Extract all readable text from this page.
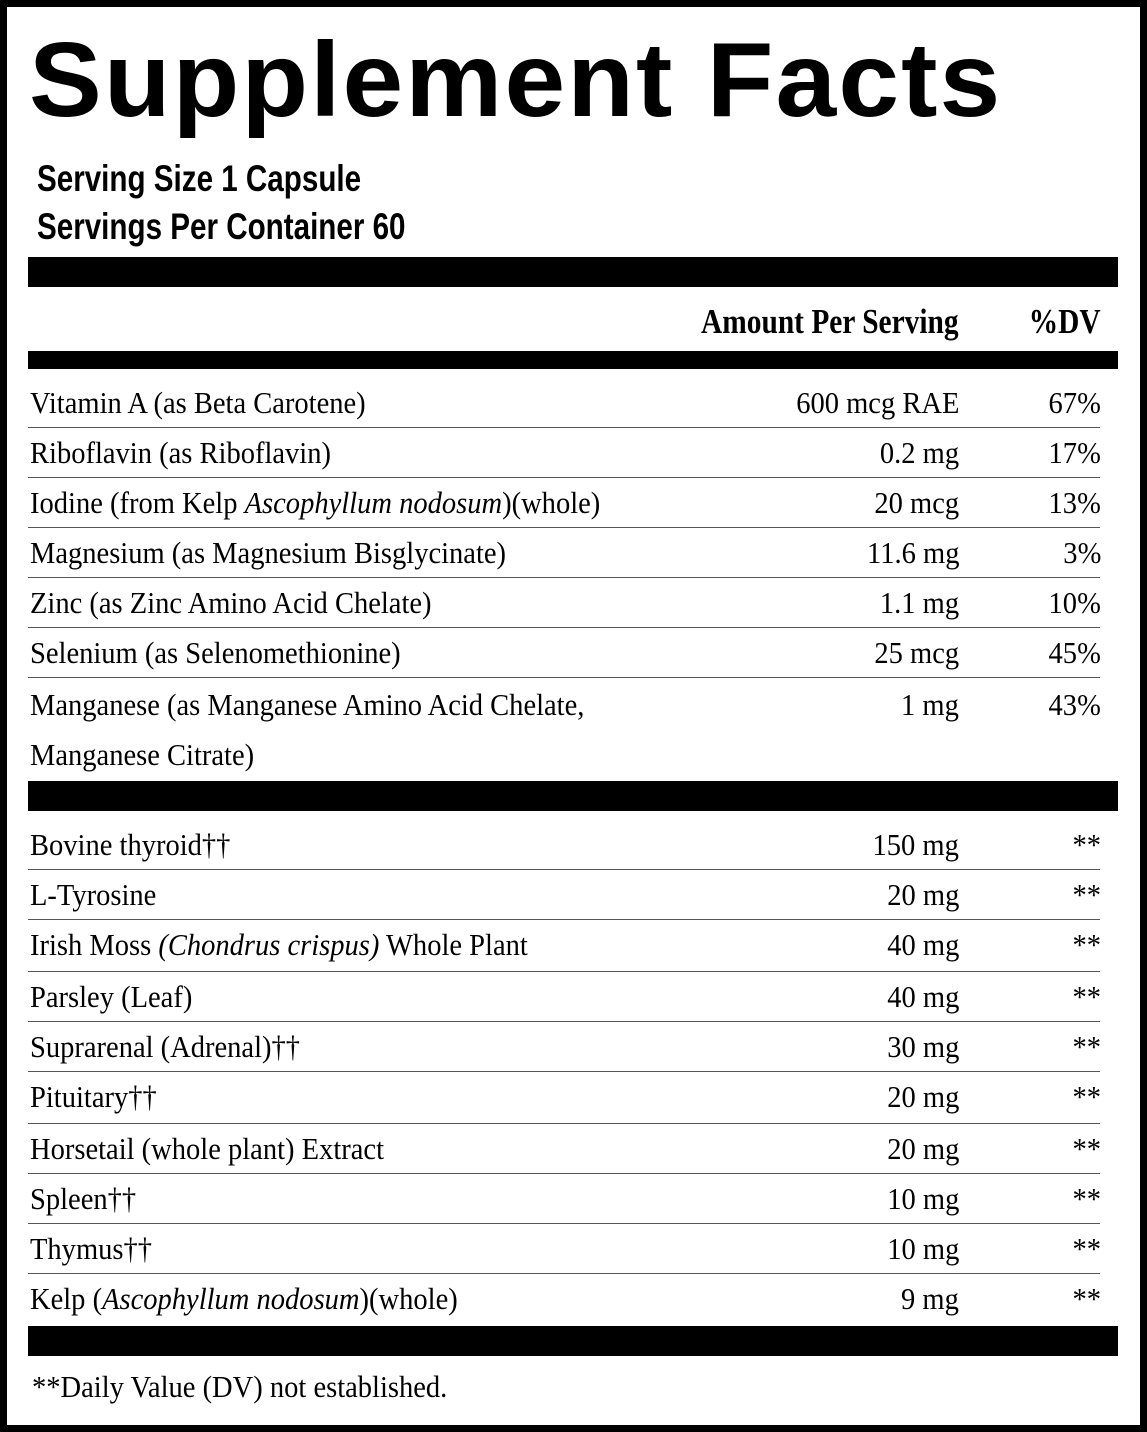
Supplement Facts
Serving Size 1 Capsule
Servings Per Container 60
Amount Per Serving %DV
Vitamin A (as Beta Carotene)	600 mcg RAE	67%
Riboflavin (as Riboflavin)	0.2 mg	17%
Iodine (from Kelp Ascophyllum nodosum)(whole)	20 mcg	13%
Magnesium (as Magnesium Bisglycinate)	11.6 mg	3%
Zinc (as Zinc Amino Acid Chelate)	1.1 mg	10%
Selenium (as Selenomethionine)	25 mcg	45%
Manganese (as Manganese Amino Acid Chelate,
Manganese Citrate)
1 mg	43%
Bovine thyroid††	150 mg	**
L-Tyrosine	20 mg	**
Irish Moss (Chondrus crispus) Whole Plant	40 mg	**
Parsley (Leaf)	40 mg	**
Suprarenal (Adrenal)††	30 mg	**
Pituitary††	20 mg	**
Horsetail (whole plant) Extract	20 mg	**
Spleen††	10 mg	**
Thymus††	10 mg	**
Kelp (Ascophyllum nodosum)(whole)	9 mg	**
**Daily Value (DV) not established.
